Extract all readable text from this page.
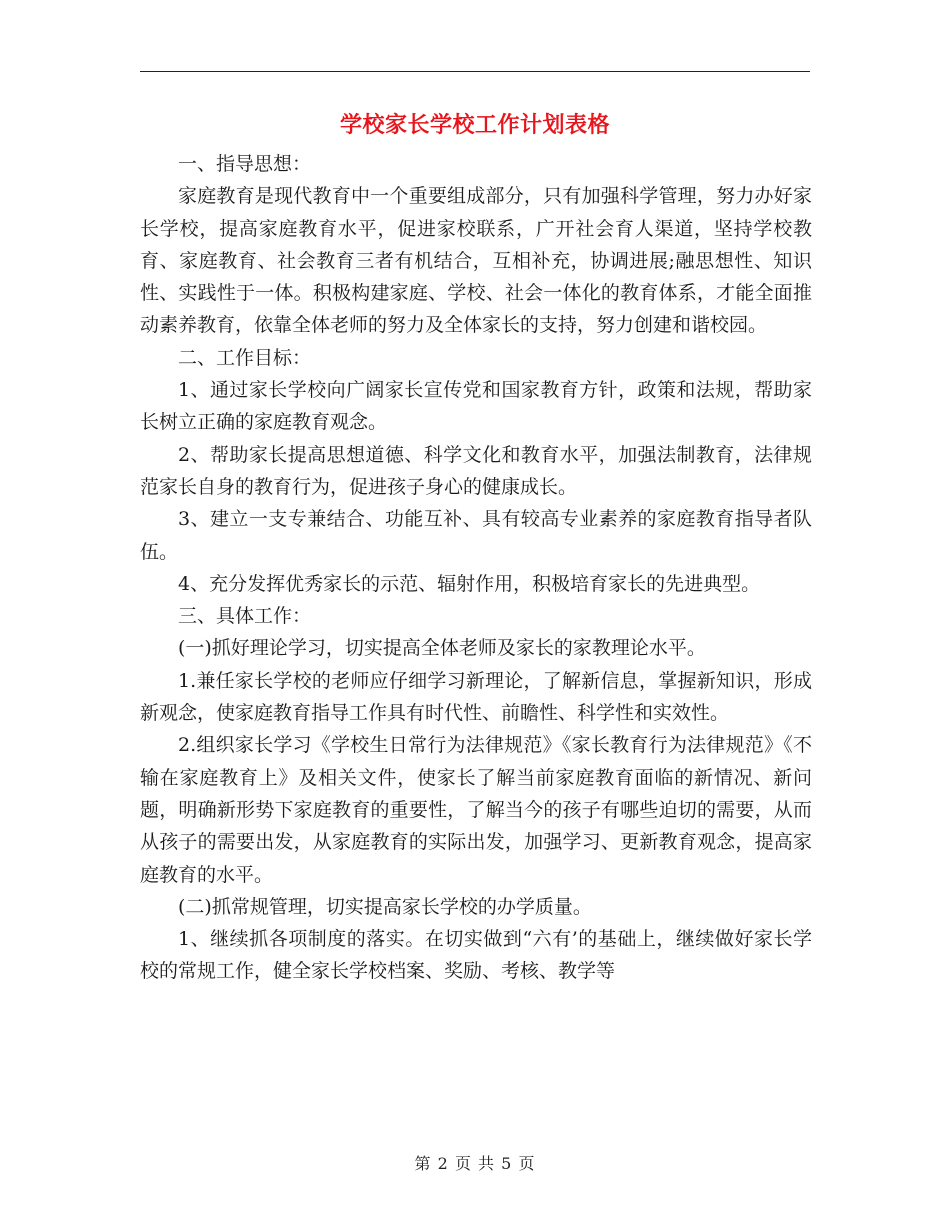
学校家长学校工作计划表格

一、指导思想：

家庭教育是现代教育中一个重要组成部分，只有加强科学管理，努力办好家长学校，提高家庭教育水平，促进家校联系，广开社会育人渠道，坚持学校教育、家庭教育、社会教育三者有机结合，互相补充，协调进展;融思想性、知识性、实践性于一体。积极构建家庭、学校、社会一体化的教育体系，才能全面推动素养教育，依靠全体老师的努力及全体家长的支持，努力创建和谐校园。

二、工作目标：

1、通过家长学校向广阔家长宣传党和国家教育方针，政策和法规，帮助家长树立正确的家庭教育观念。

2、帮助家长提高思想道德、科学文化和教育水平，加强法制教育，法律规范家长自身的教育行为，促进孩子身心的健康成长。

3、建立一支专兼结合、功能互补、具有较高专业素养的家庭教育指导者队伍。

4、充分发挥优秀家长的示范、辐射作用，积极培育家长的先进典型。

三、具体工作：

(一)抓好理论学习，切实提高全体老师及家长的家教理论水平。

1.兼任家长学校的老师应仔细学习新理论，了解新信息，掌握新知识，形成新观念，使家庭教育指导工作具有时代性、前瞻性、科学性和实效性。

2.组织家长学习《学校生日常行为法律规范》《家长教育行为法律规范》《不输在家庭教育上》及相关文件，使家长了解当前家庭教育面临的新情况、新问题，明确新形势下家庭教育的重要性，了解当今的孩子有哪些迫切的需要，从而从孩子的需要出发，从家庭教育的实际出发，加强学习、更新教育观念，提高家庭教育的水平。

(二)抓常规管理，切实提高家长学校的办学质量。

1、继续抓各项制度的落实。在切实做到“六有’的基础上，继续做好家长学校的常规工作，健全家长学校档案、奖励、考核、教学等

第 2 页 共 5 页
